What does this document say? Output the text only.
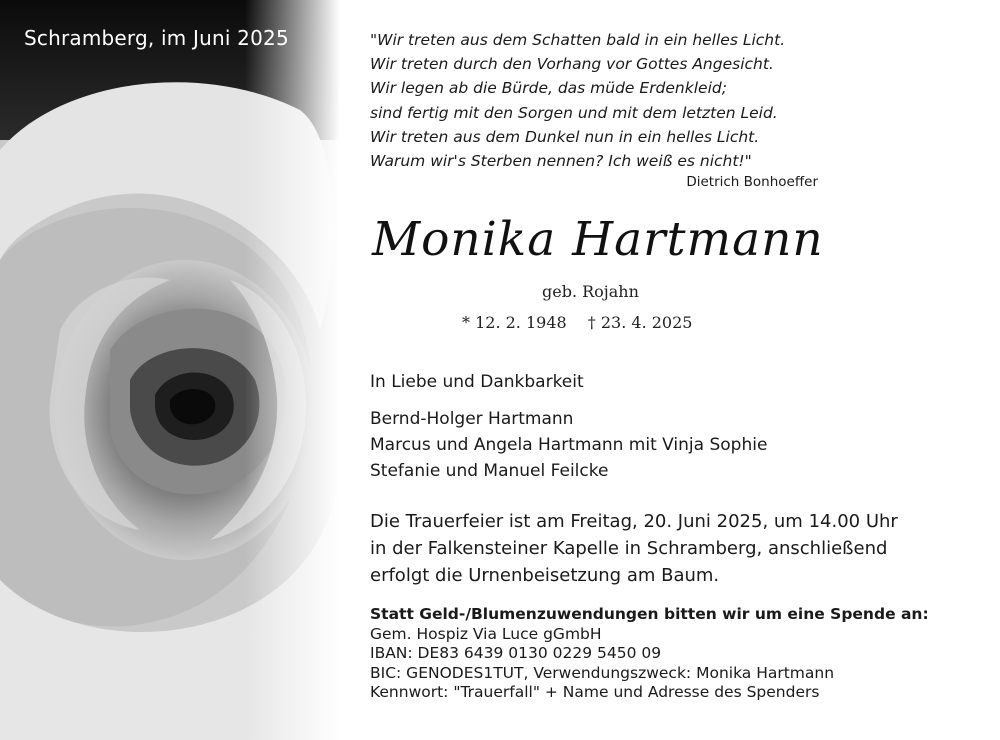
Schramberg, im Juni 2025	"Wir treten aus dem Schatten bald in ein helles Licht.
Wir treten durch den Vorhang vor Gottes Angesicht.
Wir legen ab die Bürde, das müde Erdenkleid;
sind fertig mit den Sorgen und mit dem letzten Leid.
Wir treten aus dem Dunkel nun in ein helles Licht.
Warum wir's Sterben nennen? Ich weiß es nicht!"
Dietrich Bonhoeffer
Monika Hartmann
geb. Rojahn
* 12. 2. 1948 † 23. 4. 2025
In Liebe und Dankbarkeit
Bernd-Holger Hartmann
Marcus und Angela Hartmann mit Vinja Sophie
Stefanie und Manuel Feilcke
Die Trauerfeier ist am Freitag, 20. Juni 2025, um 14.00 Uhr
in der Falkensteiner Kapelle in Schramberg, anschließend
erfolgt die Urnenbeisetzung am Baum.
Statt Geld-/Blumenzuwendungen bitten wir um eine Spende an:
Gem. Hospiz Via Luce gGmbH
IBAN: DE83 6439 0130 0229 5450 09
BIC: GENODES1TUT, Verwendungszweck: Monika Hartmann
Kennwort: "Trauerfall" + Name und Adresse des Spenders
